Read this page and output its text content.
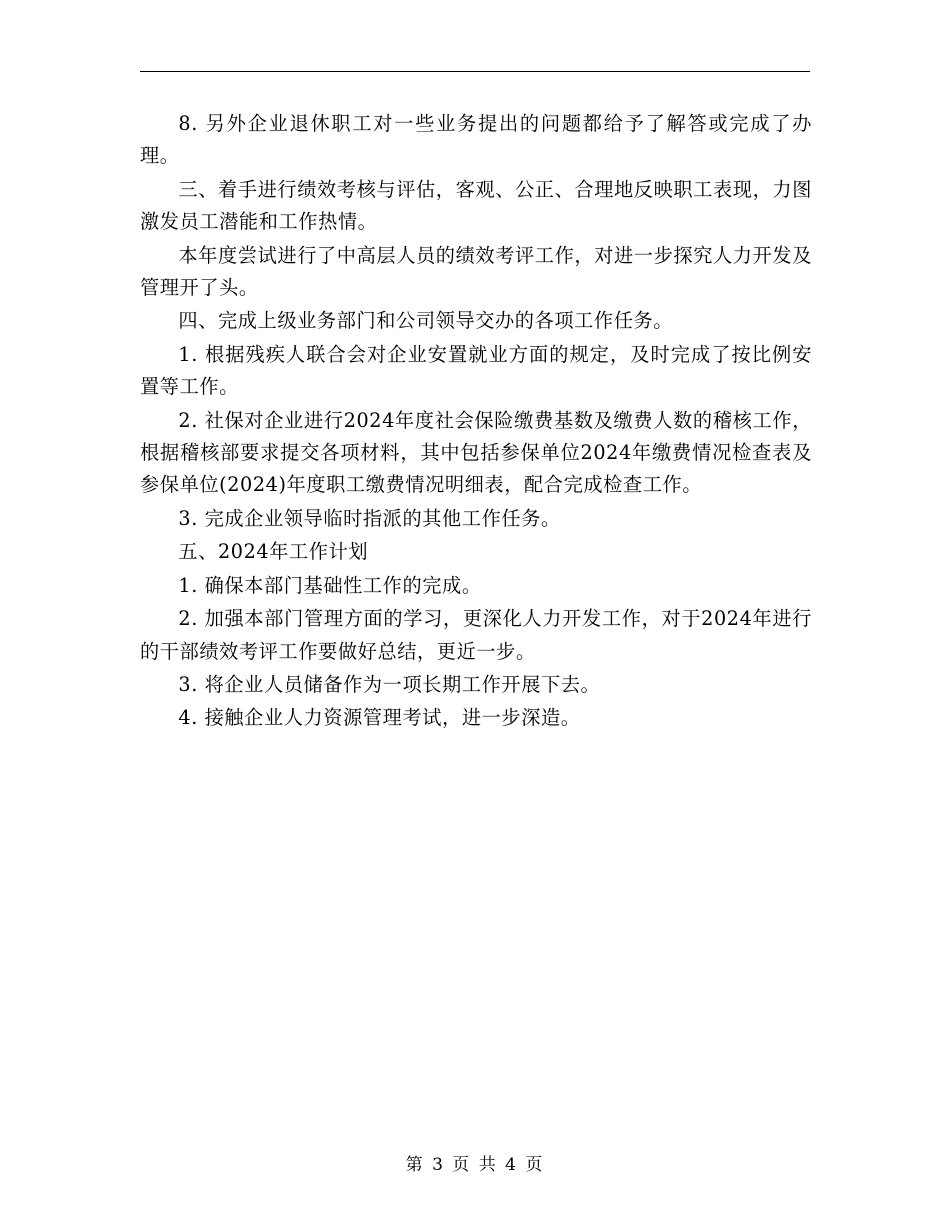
8. 另外企业退休职工对一些业务提出的问题都给予了解答或完成了办理。

三、着手进行绩效考核与评估，客观、公正、合理地反映职工表现，力图激发员工潜能和工作热情。

本年度尝试进行了中高层人员的绩效考评工作，对进一步探究人力开发及管理开了头。

四、完成上级业务部门和公司领导交办的各项工作任务。

1. 根据残疾人联合会对企业安置就业方面的规定，及时完成了按比例安置等工作。

2. 社保对企业进行2024年度社会保险缴费基数及缴费人数的稽核工作，根据稽核部要求提交各项材料，其中包括参保单位2024年缴费情况检查表及参保单位(2024)年度职工缴费情况明细表，配合完成检查工作。

3. 完成企业领导临时指派的其他工作任务。

五、2024年工作计划

1. 确保本部门基础性工作的完成。

2. 加强本部门管理方面的学习，更深化人力开发工作，对于2024年进行的干部绩效考评工作要做好总结，更近一步。

3. 将企业人员储备作为一项长期工作开展下去。

4. 接触企业人力资源管理考试，进一步深造。

第 3 页 共 4 页
